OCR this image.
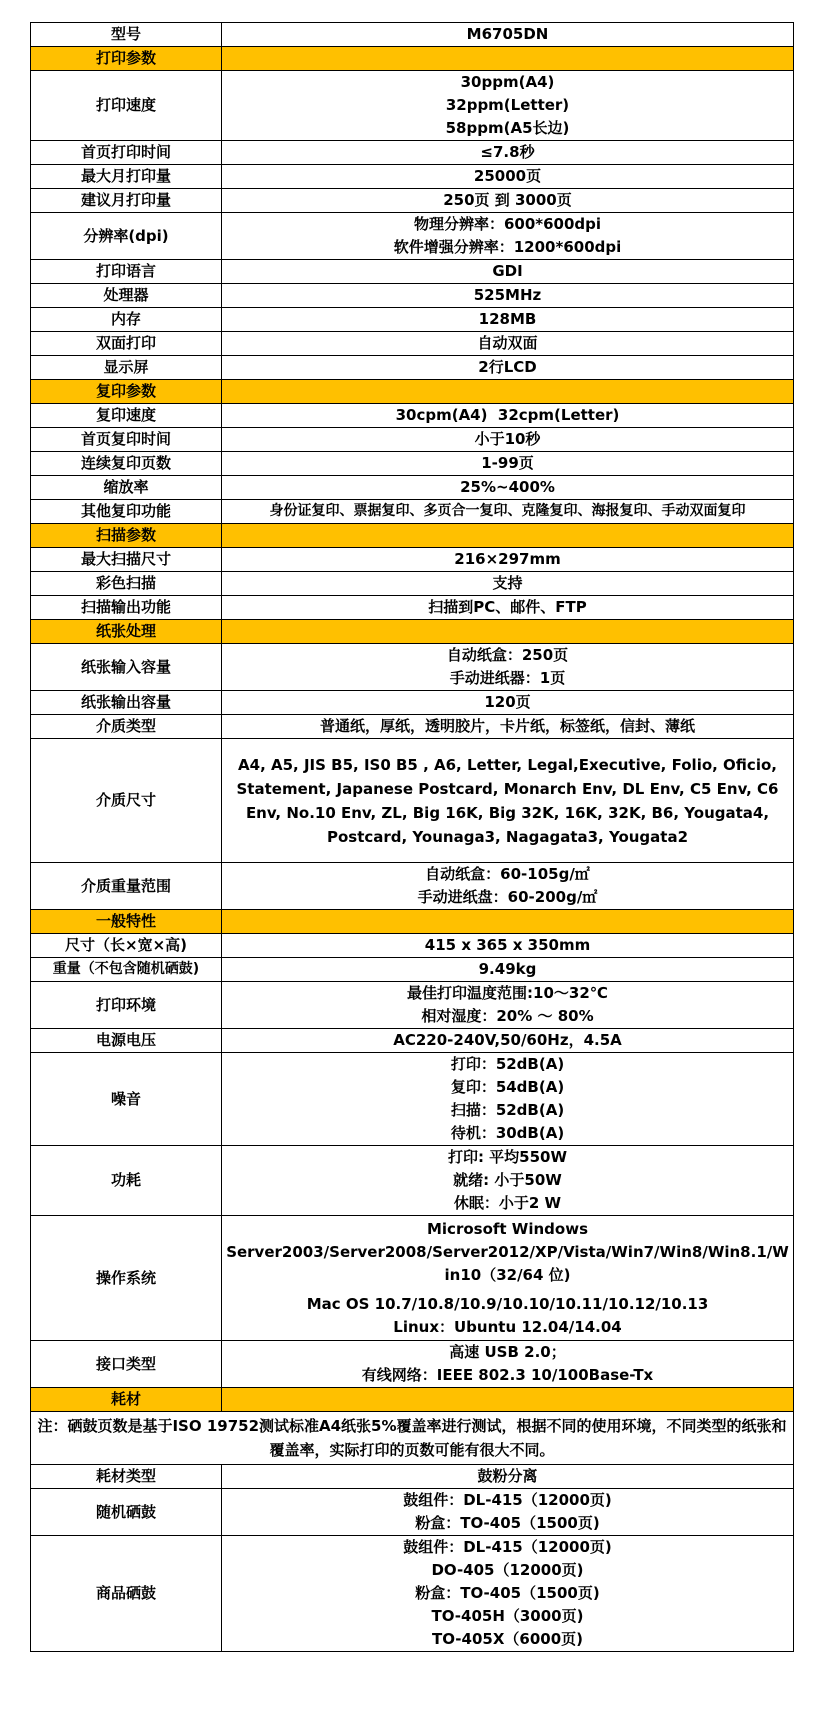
型号	M6705DN
打印参数	
打印速度	30ppm(A4)
32ppm(Letter)
58ppm(A5长边)

首页打印时间	≤7.8秒
最大月打印量	25000页
建议月打印量	250页 到 3000页
分辨率(dpi)	物理分辨率：600*600dpi
软件增强分辨率：1200*600dpi

打印语言	GDI
处理器	525MHz
内存	128MB
双面打印	自动双面
显示屏	2行LCD
复印参数	
复印速度	30cpm(A4)  32cpm(Letter)
首页复印时间	小于10秒
连续复印页数	1-99页
缩放率	25%~400%
其他复印功能	身份证复印、票据复印、多页合一复印、克隆复印、海报复印、手动双面复印
扫描参数	
最大扫描尺寸	216×297mm
彩色扫描	支持
扫描输出功能	扫描到PC、邮件、FTP
纸张处理	
纸张输入容量	自动纸盒：250页
手动进纸器：1页

纸张输出容量	120页
介质类型	普通纸，厚纸，透明胶片，卡片纸，标签纸，信封、薄纸
介质尺寸	A4, A5, JIS B5, IS0 B5 , A6, Letter, Legal,Executive, Folio, Oficio, Statement, Japanese Postcard, Monarch Env, DL Env, C5 Env, C6 Env, No.10 Env, ZL, Big 16K, Big 32K, 16K, 32K, B6, Yougata4, Postcard, Younaga3, Nagagata3, Yougata2
介质重量范围	自动纸盒：60-105g/㎡
手动进纸盘：60-200g/㎡

一般特性	
尺寸（长×宽×高)	415 x 365 x 350mm
重量（不包含随机硒鼓)	9.49kg
打印环境	最佳打印温度范围:10～32℃
相对湿度：20% ～ 80%

电源电压	AC220-240V,50/60Hz，4.5A
噪音	打印：52dB(A)
复印：54dB(A)
扫描：52dB(A)
待机：30dB(A)

功耗	打印: 平均550W
就绪: 小于50W
休眠：小于2 W

操作系统	Microsoft Windows
Server2003/Server2008/Server2012/XP/Vista/Win7/Win8/Win8.1/Win10（32/64 位)
Mac OS 10.7/10.8/10.9/10.10/10.11/10.12/10.13
Linux：Ubuntu 12.04/14.04

接口类型	高速 USB 2.0；
有线网络：IEEE 802.3 10/100Base-Tx

耗材	
注：硒鼓页数是基于ISO 19752测试标准A4纸张5%覆盖率进行测试，根据不同的使用环境，不同类型的纸张和覆盖率，实际打印的页数可能有很大不同。	
耗材类型	鼓粉分离
随机硒鼓	鼓组件：DL-415（12000页)
粉盒：TO-405（1500页)

商品硒鼓	鼓组件：DL-415（12000页)
DO-405（12000页)
粉盒：TO-405（1500页)
TO-405H（3000页)
TO-405X（6000页)
